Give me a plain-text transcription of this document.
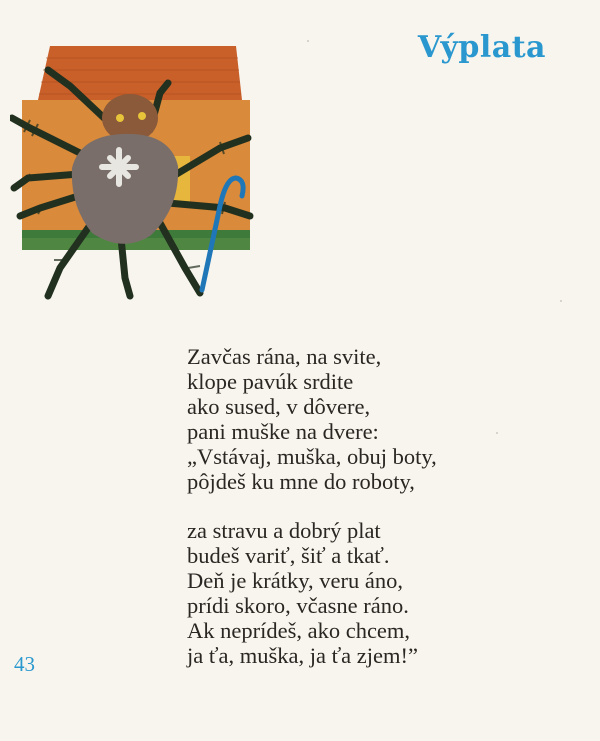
Výplata
Zavčas rána, na svite,
klope pavúk srdite
ako sused, v dôvere,
pani muške na dvere:
„Vstávaj, muška, obuj boty,
pôjdeš ku mne do roboty,
za stravu a dobrý plat
budeš variť, šiť a tkať.
Deň je krátky, veru áno,
prídi skoro, včasne ráno.
Ak neprídeš, ako chcem,
ja ťa, muška, ja ťa zjem!”
43
